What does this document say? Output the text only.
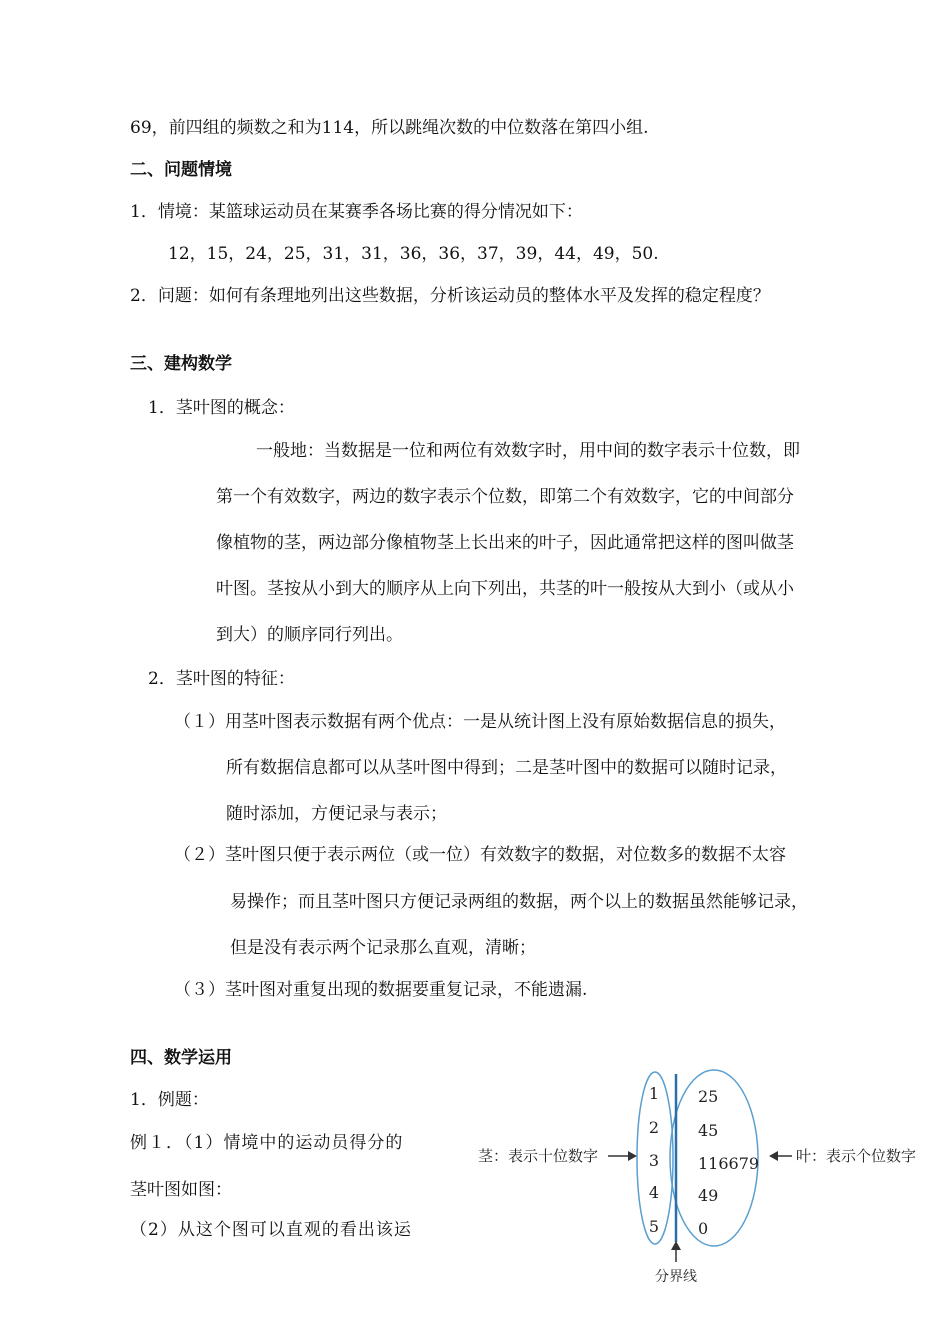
69，前四组的频数之和为114，所以跳绳次数的中位数落在第四小组.
二、问题情境
1．情境：某篮球运动员在某赛季各场比赛的得分情况如下：
12，15，24，25，31，31，36，36，37，39，44，49，50.
2．问题：如何有条理地列出这些数据，分析该运动员的整体水平及发挥的稳定程度？
三、建构数学
1．茎叶图的概念：
一般地：当数据是一位和两位有效数字时，用中间的数字表示十位数，即
第一个有效数字，两边的数字表示个位数，即第二个有效数字，它的中间部分
像植物的茎，两边部分像植物茎上长出来的叶子，因此通常把这样的图叫做茎
叶图。茎按从小到大的顺序从上向下列出，共茎的叶一般按从大到小（或从小
到大）的顺序同行列出。
2．茎叶图的特征：
（１）用茎叶图表示数据有两个优点：一是从统计图上没有原始数据信息的损失，
所有数据信息都可以从茎叶图中得到；二是茎叶图中的数据可以随时记录，
随时添加，方便记录与表示；
（２）茎叶图只便于表示两位（或一位）有效数字的数据，对位数多的数据不太容
易操作；而且茎叶图只方便记录两组的数据，两个以上的数据虽然能够记录，
但是没有表示两个记录那么直观，清晰；
（３）茎叶图对重复出现的数据要重复记录，不能遗漏.
四、数学运用
1．例题：
例１．（1）情境中的运动员得分的
茎叶图如图：
（2）从这个图可以直观的看出该运
分界线
1
2
3
4
5
25
45
116679
49
0
茎：表示十位数字	叶：表示个位数字
